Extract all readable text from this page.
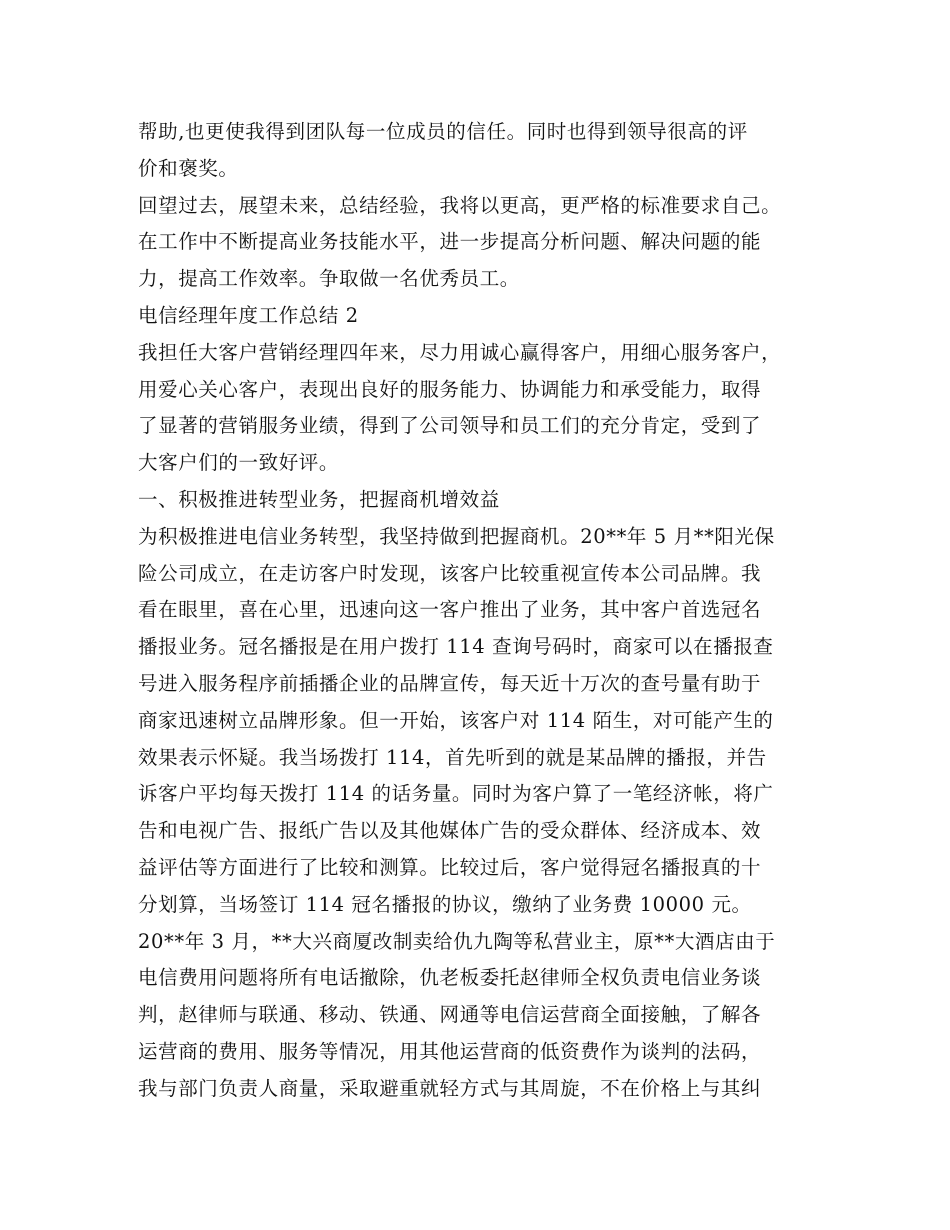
帮助,也更使我得到团队每一位成员的信任。同时也得到领导很高的评
价和褒奖。
回望过去，展望未来，总结经验，我将以更高，更严格的标准要求自己。
在工作中不断提高业务技能水平，进一步提高分析问题、解决问题的能
力，提高工作效率。争取做一名优秀员工。
电信经理年度工作总结 2
我担任大客户营销经理四年来，尽力用诚心赢得客户，用细心服务客户，
用爱心关心客户，表现出良好的服务能力、协调能力和承受能力，取得
了显著的营销服务业绩，得到了公司领导和员工们的充分肯定，受到了
大客户们的一致好评。
一、积极推进转型业务，把握商机增效益
为积极推进电信业务转型，我坚持做到把握商机。20**年 5 月**阳光保
险公司成立，在走访客户时发现，该客户比较重视宣传本公司品牌。我
看在眼里，喜在心里，迅速向这一客户推出了业务，其中客户首选冠名
播报业务。冠名播报是在用户拨打 114 查询号码时，商家可以在播报查
号进入服务程序前插播企业的品牌宣传，每天近十万次的查号量有助于
商家迅速树立品牌形象。但一开始，该客户对 114 陌生，对可能产生的
效果表示怀疑。我当场拨打 114，首先听到的就是某品牌的播报，并告
诉客户平均每天拨打 114 的话务量。同时为客户算了一笔经济帐，将广
告和电视广告、报纸广告以及其他媒体广告的受众群体、经济成本、效
益评估等方面进行了比较和测算。比较过后，客户觉得冠名播报真的十
分划算，当场签订 114 冠名播报的协议，缴纳了业务费 10000 元。
20**年 3 月，**大兴商厦改制卖给仇九陶等私营业主，原**大酒店由于
电信费用问题将所有电话撤除，仇老板委托赵律师全权负责电信业务谈
判，赵律师与联通、移动、铁通、网通等电信运营商全面接触，了解各
运营商的费用、服务等情况，用其他运营商的低资费作为谈判的法码，
我与部门负责人商量，采取避重就轻方式与其周旋，不在价格上与其纠
